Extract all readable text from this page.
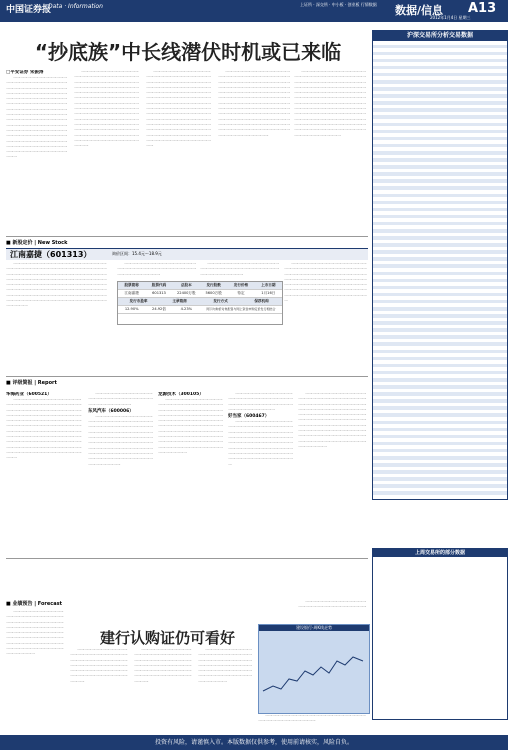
中国证券报
Data · Information	上证所 · 深交所 · 中小板 · 创业板 行情数据 数据/信息 A13
2012年1月4日 星期三
“抄底族”中长线潜伏时机或已来临
□平安证券 宋振涛

一一一一一一一一一一一一一一一一一一一一一一一一一一一一一一一一一一一一一一一一一一一一一一一一一一一一一一一一一一一一一一一一一一一一一一一一一一一一一一一一一一一一一一一一一一一一一一一一一一一一一一一一一一一一一一一一一一一一一一一一一一一一一一一一一一一一一一一一一一一一一一一一一一一一一一一一一一一一一一一一一一一一一一一一一一一一一一一一一一一一一一一一一一一一一一一一一一一一一一一一一一一一一一一一一一一一一一一一一一一一一一一一一一一一一一一一一一一一一一一一一一一一一一一一一一一一一一一一

一一一一一一一一一一一一一一一一一一一一一一一一一一一一一一一一一一一一一一一一一一一一一一一一一一一一一一一一一一一一一一一一一一一一一一一一一一一一一一一一一一一一一一一一一一一一一一一一一一一一一一一一一一一一一一一一一一一一一一一一一一一一一一一一一一一一一一一一一一一一一一一一一一一一一一一一一一一一一一一一一一一一一一一一一一一一一一一一一一一一一一一一一一一一一一一一一一一一一一一一一一一一一一一一一一一一一一一一一一一一一一一一一一一一一一一一一一一一一一一一一一一一一一一一一一一一一一

一一一一一一一一一一一一一一一一一一一一一一一一一一一一一一一一一一一一一一一一一一一一一一一一一一一一一一一一一一一一一一一一一一一一一一一一一一一一一一一一一一一一一一一一一一一一一一一一一一一一一一一一一一一一一一一一一一一一一一一一一一一一一一一一一一一一一一一一一一一一一一一一一一一一一一一一一一一一一一一一一一一一一一一一一一一一一一一一一一一一一一一一一一一一一一一一一一一一一一一一一一一一一一一一一一一一一一一一一一一一一一一一一一一一一一一一一一一一一一一一一一一一一一一一一一一一

一一一一一一一一一一一一一一一一一一一一一一一一一一一一一一一一一一一一一一一一一一一一一一一一一一一一一一一一一一一一一一一一一一一一一一一一一一一一一一一一一一一一一一一一一一一一一一一一一一一一一一一一一一一一一一一一一一一一一一一一一一一一一一一一一一一一一一一一一一一一一一一一一一一一一一一一一一一一一一一一一一一一一一一一一一一一一一一一一一一一一一一一一一一一一一一一一一一一一一一一一一一一一一一一一一一一一一一一一一一一一一一一一一一一一一一一一一一一一一一一一一一一一一一一一一一一

一一一一一一一一一一一一一一一一一一一一一一一一一一一一一一一一一一一一一一一一一一一一一一一一一一一一一一一一一一一一一一一一一一一一一一一一一一一一一一一一一一一一一一一一一一一一一一一一一一一一一一一一一一一一一一一一一一一一一一一一一一一一一一一一一一一一一一一一一一一一一一一一一一一一一一一一一一一一一一一一一一一一一一一一一一一一一一一一一一一一一一一一一一一一一一一一一一一一一一一一一一一一一一一一一一一一一一一一一一一一一一一一一一一一一一一一一一一一一一一一一一一一一一一一一一一

■ 新股定价 | New Stock
江南嘉捷（601313）	询价区间：15.4元～18.9元

一一一一一一一一一一一一一一一一一一一一一一一一一一一一一一一一一一一一一一一一一一一一一一一一一一一一一一一一一一一一一一一一一一一一一一一一一一一一一一一一一一一一一一一一一一一一一一一一一一一一一一一一一一一一一一一一一一一一一一一一一一一一一一一一一一一一一一一一一一一一一一一一一一一一一一一一一一一一一一一一一一一一一一一一一一一一一一一一一一一一一一一一一一一一一一一一一一一一一一一一一一一一一一一一一一一一一一一一一一一一一一一一一一一一

一一一一一一一一一一一一一一一一一一一一一一一一一一一一一一一一一一一一一一一一一一一一一一一一一一一一一一

一一一一一一一一一一一一一一一一一一一一一一一一一一一一一一一一一一一一一一一一一一一一一一一一一一一一一一

一一一一一一一一一一一一一一一一一一一一一一一一一一一一一一一一一一一一一一一一一一一一一一一一一一一一一一一一一一一一一一一一一一一一一一一一一一一一一一一一一一一一一一一一一一一一一一一一一一一一一一一一一一一一一一一一一一一一一一一一一一一一一一一一一一一一一一一一一一一一一一一一一一一一一一一一一一一一一一一一

股票简称	股票代码	总股本	发行股数	发行价格	上市日期
江南嘉捷	601313	22400万股	5600万股	待定	1月16日
发行市盈率	主承销商	发行方式	保荐机构
12.90%	24.92倍	4.23%	网下向询价对象配售与网上资金申购定价发行相结合
■ 评级简报 | Report
华海药业（600521）

一一一一一一一一一一一一一一一一一一一一一一一一一一一一一一一一一一一一一一一一一一一一一一一一一一一一一一一一一一一一一一一一一一一一一一一一一一一一一一一一一一一一一一一一一一一一一一一一一一一一一一一一一一一一一一一一一一一一一一一一一一一一一一一一一一一一一一一一一一一一一一一一一一一一一一一一一一一一一一一一一一一一一一一一一一一一一一一一一一一一一一一一一一一一一一一一一一一一一一一一一一一一一一一一一一一一一一一一一一一一一一一一一一一一一一一一

一一一一一一一一一一一一一一一一一一一一一一一一一一一一一一一一一一一一一一一一一一一一一一

东风汽车（600006）

一一一一一一一一一一一一一一一一一一一一一一一一一一一一一一一一一一一一一一一一一一一一一一一一一一一一一一一一一一一一一一一一一一一一一一一一一一一一一一一一一一一一一一一一一一一一一一一一一一一一一一一一一一一一一一一一一一一一一一一一一一一一一一一一一一一一一一一一一一一一一一一一一一一一一一一一一一一一一一一一一一一一一一一一一

龙源技术（300105）

一一一一一一一一一一一一一一一一一一一一一一一一一一一一一一一一一一一一一一一一一一一一一一一一一一一一一一一一一一一一一一一一一一一一一一一一一一一一一一一一一一一一一一一一一一一一一一一一一一一一一一一一一一一一一一一一一一一一一一一一一一一一一一一一一一一一一一一一一一一一一一一一一一一一一一一一一一一一一一一一一一一一一一一一一一一一一一一一一一一一一一一一一一

一一一一一一一一一一一一一一一一一一一一一一一一一一一一一一一一一一一一一一一一一一一一一一一一一一一一一一一一一一一一一一一一一

好当家（600467）

一一一一一一一一一一一一一一一一一一一一一一一一一一一一一一一一一一一一一一一一一一一一一一一一一一一一一一一一一一一一一一一一一一一一一一一一一一一一一一一一一一一一一一一一一一一一一一一一一一一一一一一一一一一一一一一一一一一一一一一一一一一一一一一一一一一一一一一一一一一一一一一

一一一一一一一一一一一一一一一一一一一一一一一一一一一一一一一一一一一一一一一一一一一一一一一一一一一一一一一一一一一一一一一一一一一一一一一一一一一一一一一一一一一一一一一一一一一一一一一一一一一一一一一一一一一一一一一一一一一一一一一一一一一一一一一一一一一一一一一一一一一一一一一一一一一一一一一一一一一一一一一一一一一一一一一一一一一一一一一一一一一一一一一一一一一一一一一一一一一一

■ 业绩预告 | Forecast
建行认购证仍可看好

一一一一一一一一一一一一一一一一一一一一一一一一一一一一一一一一一一一一一一一一一一一一一一一一一一一一一一一一一一一一一一一一一一一一一一一一一一一一一一一一一一一一一一一一一一一一一一一一一一一一一一一一一一一一一一一一一一一一一一一一一一一一一一一一一一一一一一

一一一一一一一一一一一一一一一一一一一一一一一一一一一一一一一一一一一一一一一一一一一一一一一一一一一一一一一一一一一一一一一一一一一一一一一一一一一一一一一一一一一一一一一一一一一一一一一一一一

一一一一一一一一一一一一一一一一一一一一一一一一一一一一一一一一一一一一一一一一一一一一一一一一一一一一一一一一一一一一一一一一一一一一一一一一一一一一一一一一一一一一一一一一一一一一一一一一一一

一一一一一一一一一一一一一一一一一一一一一一一一一一一一一一一一一一一一一一一一一一一一一一一一一一一一一一一一一一一一一一一一一一一一一一一一一一一一一一一一一一一一一一一一一一一一一一一一

建设银行-周K线走势

一一一一一一一一一一一一一一一一一一一一一一一一一一一一一一一一一一一一一一一一一一一一

一一一一一一一一一一一一一一一一一一一一一一一一一一一一一一一一一一一一

沪深交易所分析交易数据
上周交易所的部分数据
投资有风险，请谨慎入市。本版数据仅供参考，使用前请核实，风险自负。
